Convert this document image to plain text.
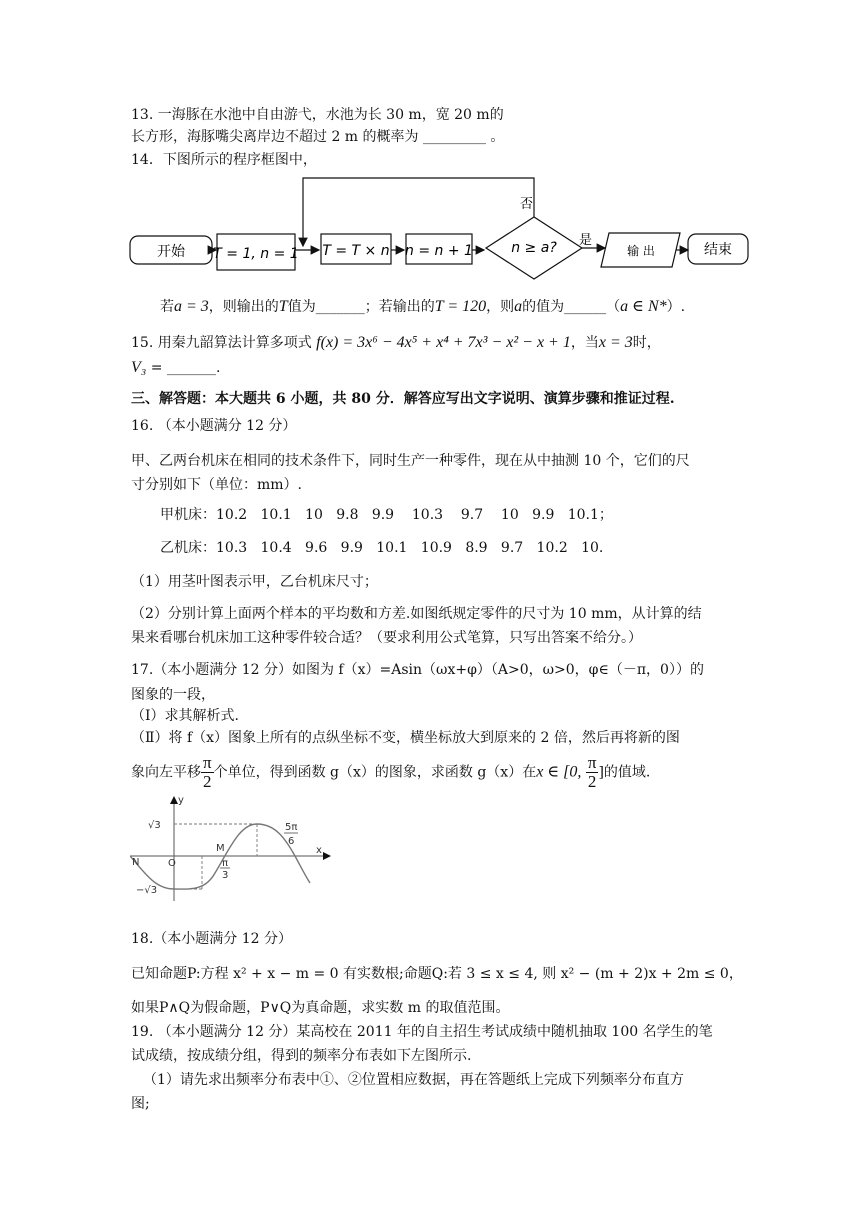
13. 一海豚在水池中自由游弋，水池为长 30 m，宽 20 m的
长方形，海豚嘴尖离岸边不超过 2 m 的概率为 _________ 。
14．下图所示的程序框图中，
开始 T = 1, n = 1 T = T × n n = n + 1	n ≥ a?
否
是
输 出	结束
若a = 3，则输出的T值为_______；若输出的T = 120，则a的值为______（a ∈ N*）.
15. 用秦九韶算法计算多项式 f(x) = 3x⁶ − 4x⁵ + x⁴ + 7x³ − x² − x + 1，当x = 3时，
V₃ = _______.
三、解答题：本大题共 6 小题，共 80 分．解答应写出文字说明、演算步骤和推证过程.
16. （本小题满分 12 分）
甲、乙两台机床在相同的技术条件下，同时生产一种零件，现在从中抽测 10 个，它们的尺
寸分别如下（单位：mm）.
甲机床：10.2   10.1   10   9.8   9.9    10.3    9.7    10   9.9   10.1；
乙机床：10.3   10.4   9.6   9.9   10.1   10.9   8.9   9.7   10.2   10.
（1）用茎叶图表示甲，乙台机床尺寸；
（2）分别计算上面两个样本的平均数和方差.如图纸规定零件的尺寸为 10 mm，从计算的结
果来看哪台机床加工这种零件较合适？（要求利用公式笔算，只写出答案不给分。）
17.（本小题满分 12 分）如图为 f（x）=Asin（ωx+φ）（A>0，ω>0，φ∈（－π，0））的
图象的一段，
（Ⅰ）求其解析式.
（Ⅱ）将 f（x）图象上所有的点纵坐标不变，横坐标放大到原来的 2 倍，然后再将新的图
象向左平移 $\frac{\pi}{2}$ 个单位，得到函数 g（x）的图象，求函数 g（x）在x ∈ [0, $\frac{\pi}{2}$ ]的值域.
y
x
O
N
M
√3
−√3
π
3
5π
6
18.（本小题满分 12 分）
已知命题P:方程 x² + x − m = 0 有实数根;命题Q:若 3 ≤ x ≤ 4, 则 x² − (m + 2)x + 2m ≤ 0，
如果P∧Q为假命题，P∨Q为真命题，求实数 m 的取值范围。
19. （本小题满分 12 分）某高校在 2011 年的自主招生考试成绩中随机抽取 100 名学生的笔
试成绩，按成绩分组，得到的频率分布表如下左图所示.
（1）请先求出频率分布表中①、②位置相应数据，再在答题纸上完成下列频率分布直方
图;
